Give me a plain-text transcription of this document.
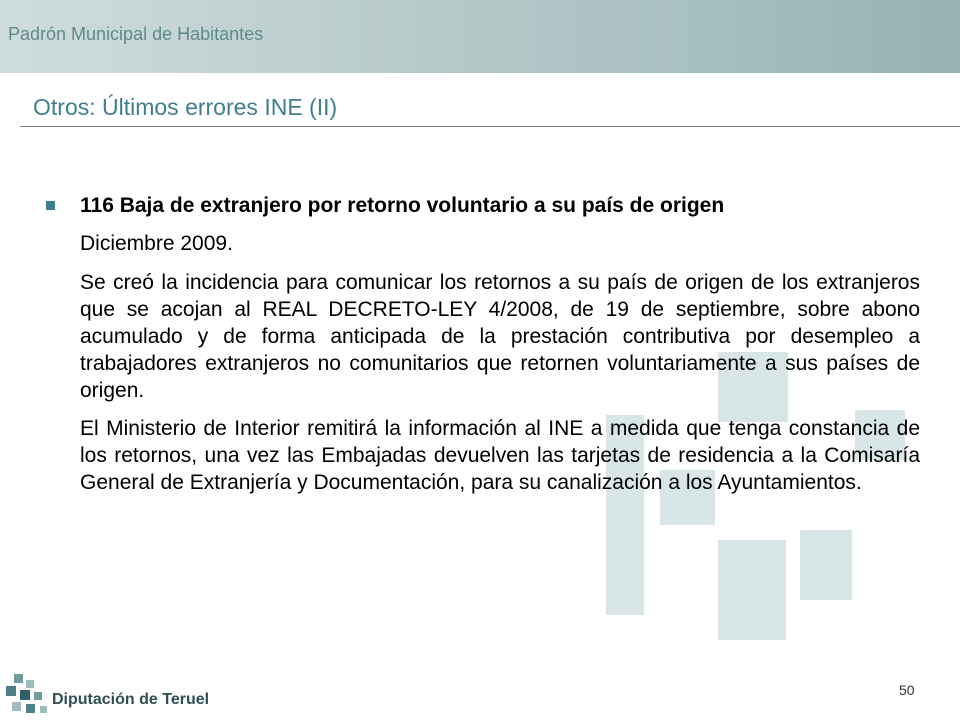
Padrón Municipal de Habitantes
Otros: Últimos errores INE (II)
116 Baja de extranjero por retorno voluntario a su país de origen
Diciembre 2009.

Se creó la incidencia para comunicar los retornos a su país de origen de los extranjeros que se acojan al REAL DECRETO-LEY 4/2008, de 19 de septiembre, sobre abono acumulado y de forma anticipada de la prestación contributiva por desempleo a trabajadores extranjeros no comunitarios que retornen voluntariamente a sus países de origen.

El Ministerio de Interior remitirá la información al INE a medida que tenga constancia de los retornos, una vez las Embajadas devuelven las tarjetas de residencia a la Comisaría General de Extranjería y Documentación, para su canalización a los Ayuntamientos.

Diputación de Teruel
50
